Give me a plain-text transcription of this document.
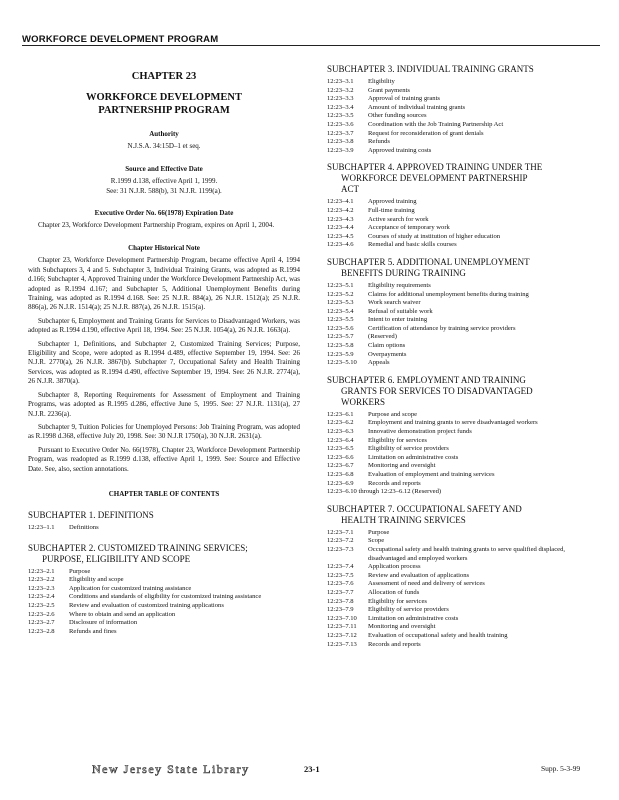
WORKFORCE DEVELOPMENT PROGRAM
CHAPTER 23
WORKFORCE DEVELOPMENT
PARTNERSHIP PROGRAM
Authority
N.J.S.A. 34:15D–1 et seq.
Source and Effective Date
R.1999 d.138, effective April 1, 1999.
See: 31 N.J.R. 588(b), 31 N.J.R. 1199(a).
Executive Order No. 66(1978) Expiration Date
Chapter 23, Workforce Development Partnership Program, expires on April 1, 2004.
Chapter Historical Note
Chapter 23, Workforce Development Partnership Program, became effective April 4, 1994 with Subchapters 3, 4 and 5. Subchapter 3, Individual Training Grants, was adopted as R.1994 d.166; Subchapter 4, Approved Training under the Workforce Development Partnership Act, was adopted as R.1994 d.167; and Subchapter 5, Additional Unemployment Benefits during Training, was adopted as R.1994 d.168. See: 25 N.J.R. 884(a), 26 N.J.R. 1512(a); 25 N.J.R. 886(a), 26 N.J.R. 1514(a); 25 N.J.R. 887(a), 26 N.J.R. 1515(a).
Subchapter 6, Employment and Training Grants for Services to Disadvantaged Workers, was adopted as R.1994 d.190, effective April 18, 1994. See: 25 N.J.R. 1054(a), 26 N.J.R. 1663(a).
Subchapter 1, Definitions, and Subchapter 2, Customized Training Services; Purpose, Eligibility and Scope, were adopted as R.1994 d.489, effective September 19, 1994. See: 26 N.J.R. 2770(a), 26 N.J.R. 3867(b). Subchapter 7, Occupational Safety and Health Training Services, was adopted as R.1994 d.490, effective September 19, 1994. See: 26 N.J.R. 2774(a), 26 N.J.R. 3870(a).
Subchapter 8, Reporting Requirements for Assessment of Employment and Training Programs, was adopted as R.1995 d.286, effective June 5, 1995. See: 27 N.J.R. 1131(a), 27 N.J.R. 2236(a).
Subchapter 9, Tuition Policies for Unemployed Persons: Job Training Program, was adopted as R.1998 d.368, effective July 20, 1998. See: 30 N.J.R 1750(a), 30 N.J.R. 2631(a).
Pursuant to Executive Order No. 66(1978), Chapter 23, Workforce Development Partnership Program, was readopted as R.1999 d.138, effective April 1, 1999. See: Source and Effective Date. See, also, section annotations.
CHAPTER TABLE OF CONTENTS
SUBCHAPTER 1. DEFINITIONS
12:23–1.1	Definitions
SUBCHAPTER 2. CUSTOMIZED TRAINING SERVICES;
PURPOSE, ELIGIBILITY AND SCOPE
12:23–2.1	Purpose
12:23–2.2	Eligibility and scope
12:23–2.3	Application for customized training assistance
12:23–2.4	Conditions and standards of eligibility for customized training assistance
12:23–2.5	Review and evaluation of customized training applications
12:23–2.6	Where to obtain and send an application
12:23–2.7	Disclosure of information
12:23–2.8	Refunds and fines
SUBCHAPTER 3. INDIVIDUAL TRAINING GRANTS
12:23–3.1	Eligibility
12:23–3.2	Grant payments
12:23–3.3	Approval of training grants
12:23–3.4	Amount of individual training grants
12:23–3.5	Other funding sources
12:23–3.6	Coordination with the Job Training Partnership Act
12:23–3.7	Request for reconsideration of grant denials
12:23–3.8	Refunds
12:23–3.9	Approved training costs
SUBCHAPTER 4. APPROVED TRAINING UNDER THE
WORKFORCE DEVELOPMENT PARTNERSHIP
ACT
12:23–4.1	Approved training
12:23–4.2	Full-time training
12:23–4.3	Active search for work
12:23–4.4	Acceptance of temporary work
12:23–4.5	Courses of study at institution of higher education
12:23–4.6	Remedial and basic skills courses
SUBCHAPTER 5. ADDITIONAL UNEMPLOYMENT
BENEFITS DURING TRAINING
12:23–5.1	Eligibility requirements
12:23–5.2	Claims for additional unemployment benefits during training
12:23–5.3	Work search waiver
12:23–5.4	Refusal of suitable work
12:23–5.5	Intent to enter training
12:23–5.6	Certification of attendance by training service providers
12:23–5.7	(Reserved)
12:23–5.8	Claim options
12:23–5.9	Overpayments
12:23–5.10	Appeals
SUBCHAPTER 6. EMPLOYMENT AND TRAINING
GRANTS FOR SERVICES TO DISADVANTAGED
WORKERS
12:23–6.1	Purpose and scope
12:23–6.2	Employment and training grants to serve disadvantaged workers
12:23–6.3	Innovative demonstration project funds
12:23–6.4	Eligibility for services
12:23–6.5	Eligibility of service providers
12:23–6.6	Limitation on administrative costs
12:23–6.7	Monitoring and oversight
12:23–6.8	Evaluation of employment and training services
12:23–6.9	Records and reports
12:23–6.10 through 12:23–6.12 (Reserved)
SUBCHAPTER 7. OCCUPATIONAL SAFETY AND
HEALTH TRAINING SERVICES
12:23–7.1	Purpose
12:23–7.2	Scope
12:23–7.3	Occupational safety and health training grants to serve qualified displaced, disadvantaged and employed workers
12:23–7.4	Application process
12:23–7.5	Review and evaluation of applications
12:23–7.6	Assessment of need and delivery of services
12:23–7.7	Allocation of funds
12:23–7.8	Eligibility for services
12:23–7.9	Eligibility of service providers
12:23–7.10	Limitation on administrative costs
12:23–7.11	Monitoring and oversight
12:23–7.12	Evaluation of occupational safety and health training
12:23–7.13	Records and reports
New Jersey State Library	23-1	Supp. 5-3-99
